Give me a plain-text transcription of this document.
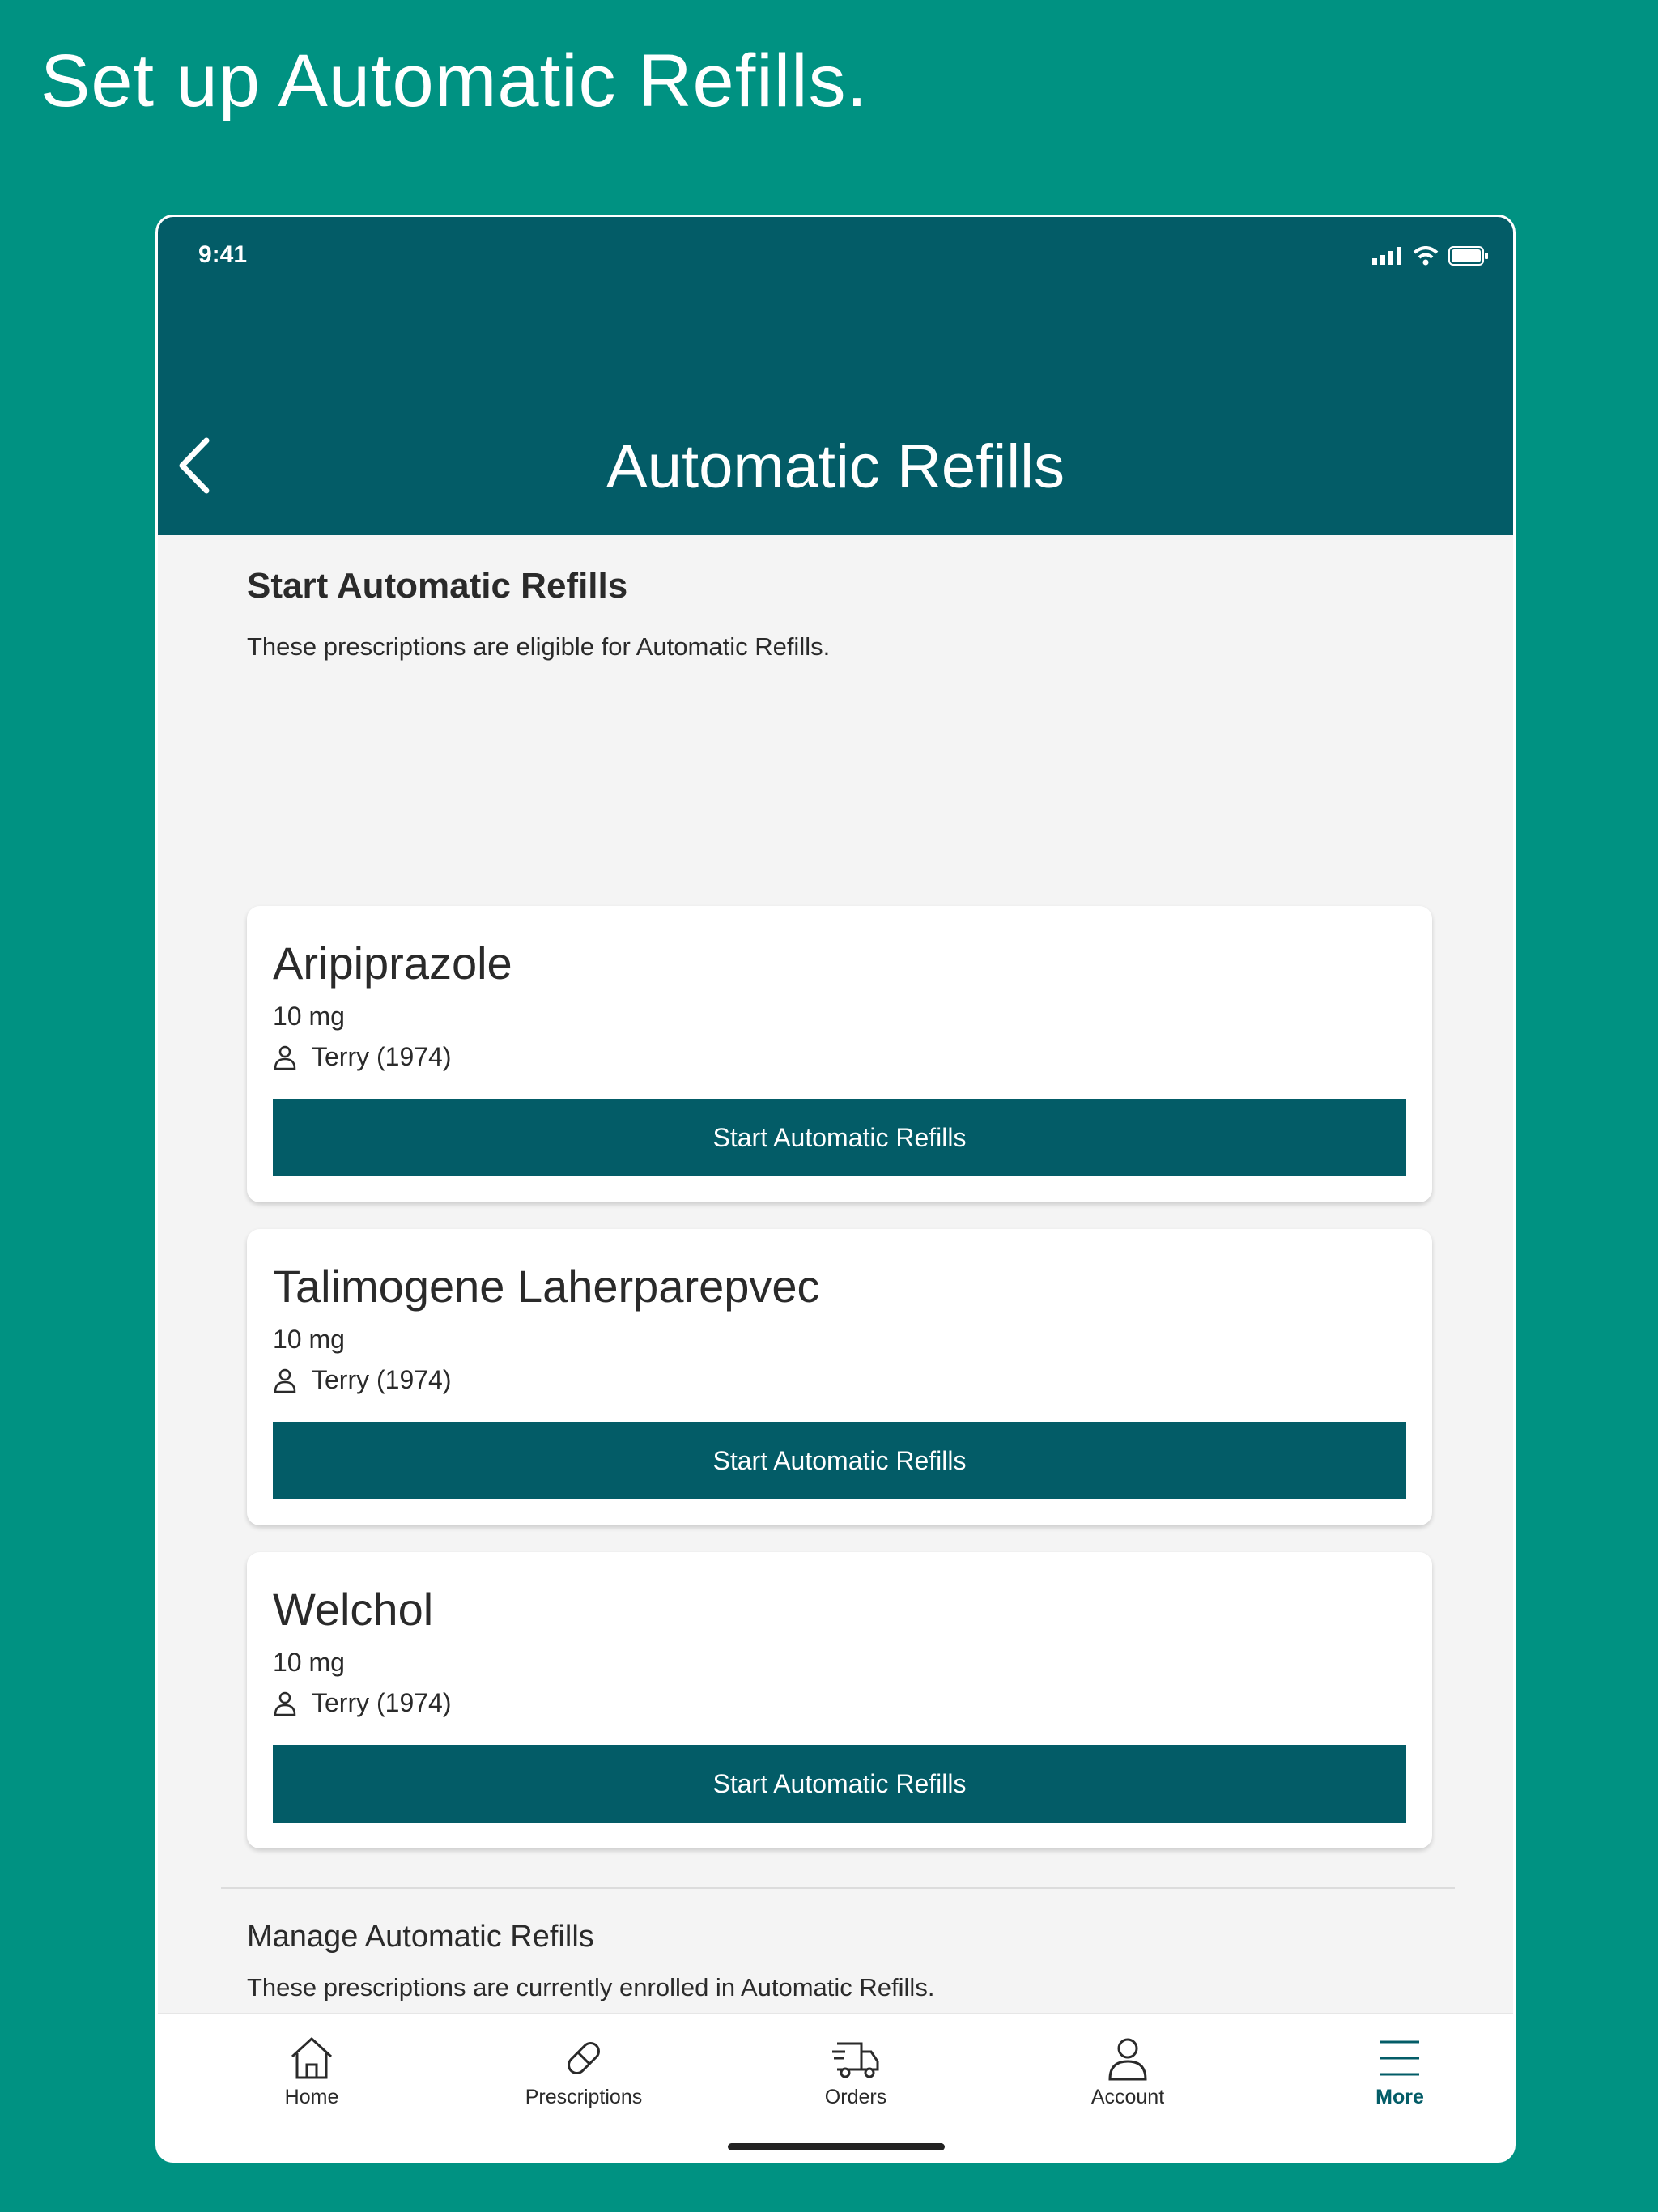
Set up Automatic Refills.
9:41
Automatic Refills
Start Automatic Refills
These prescriptions are eligible for Automatic Refills.
Aripiprazole
10 mg
Terry (1974)
Start Automatic Refills
Talimogene Laherparepvec
10 mg
Terry (1974)
Start Automatic Refills
Welchol
10 mg
Terry (1974)
Start Automatic Refills
Manage Automatic Refills
These prescriptions are currently enrolled in Automatic Refills.
Home	Prescriptions	Orders	Account	More
